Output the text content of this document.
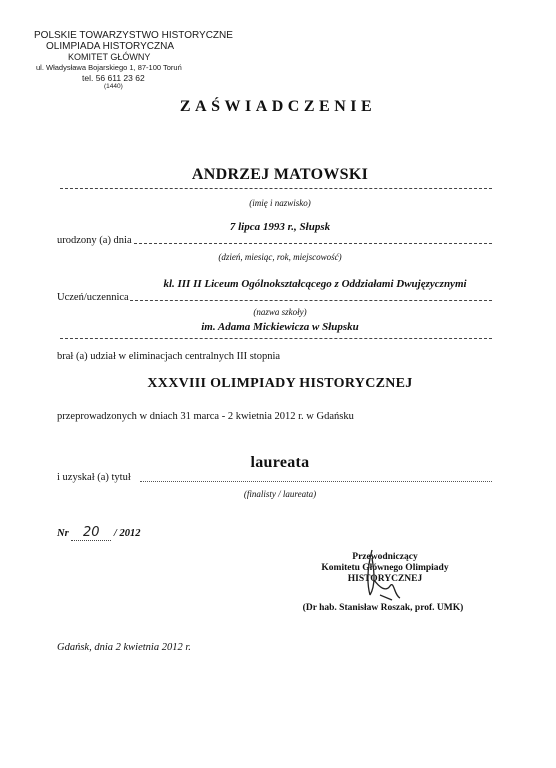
POLSKIE TOWARZYSTWO HISTORYCZNE
OLIMPIADA HISTORYCZNA
KOMITET GŁÓWNY
ul. Władysława Bojarskiego 1, 87-100 Toruń
tel. 56 611 23 62
(1440)
ZAŚWIADCZENIE
ANDRZEJ MATOWSKI
(imię i nazwisko)
7 lipca 1993 r., Słupsk
urodzony (a) dnia
(dzień, miesiąc, rok, miejscowość)
kl. III II Liceum Ogólnokształcącego z Oddziałami Dwujęzycznymi
Uczeń/uczennica
(nazwa szkoły)
im. Adama Mickiewicza w Słupsku
brał (a) udział w eliminacjach centralnych III stopnia
XXXVIII OLIMPIADY HISTORYCZNEJ
przeprowadzonych w dniach 31 marca - 2 kwietnia 2012 r. w Gdańsku
laureata
i uzyskał (a) tytuł
(finalisty / laureata)
Nr 20 / 2012
Przewodniczący
Komitetu Głównego Olimpiady
HISTORYCZNEJ
(Dr hab. Stanisław Roszak, prof. UMK)
Gdańsk, dnia 2 kwietnia 2012 r.
